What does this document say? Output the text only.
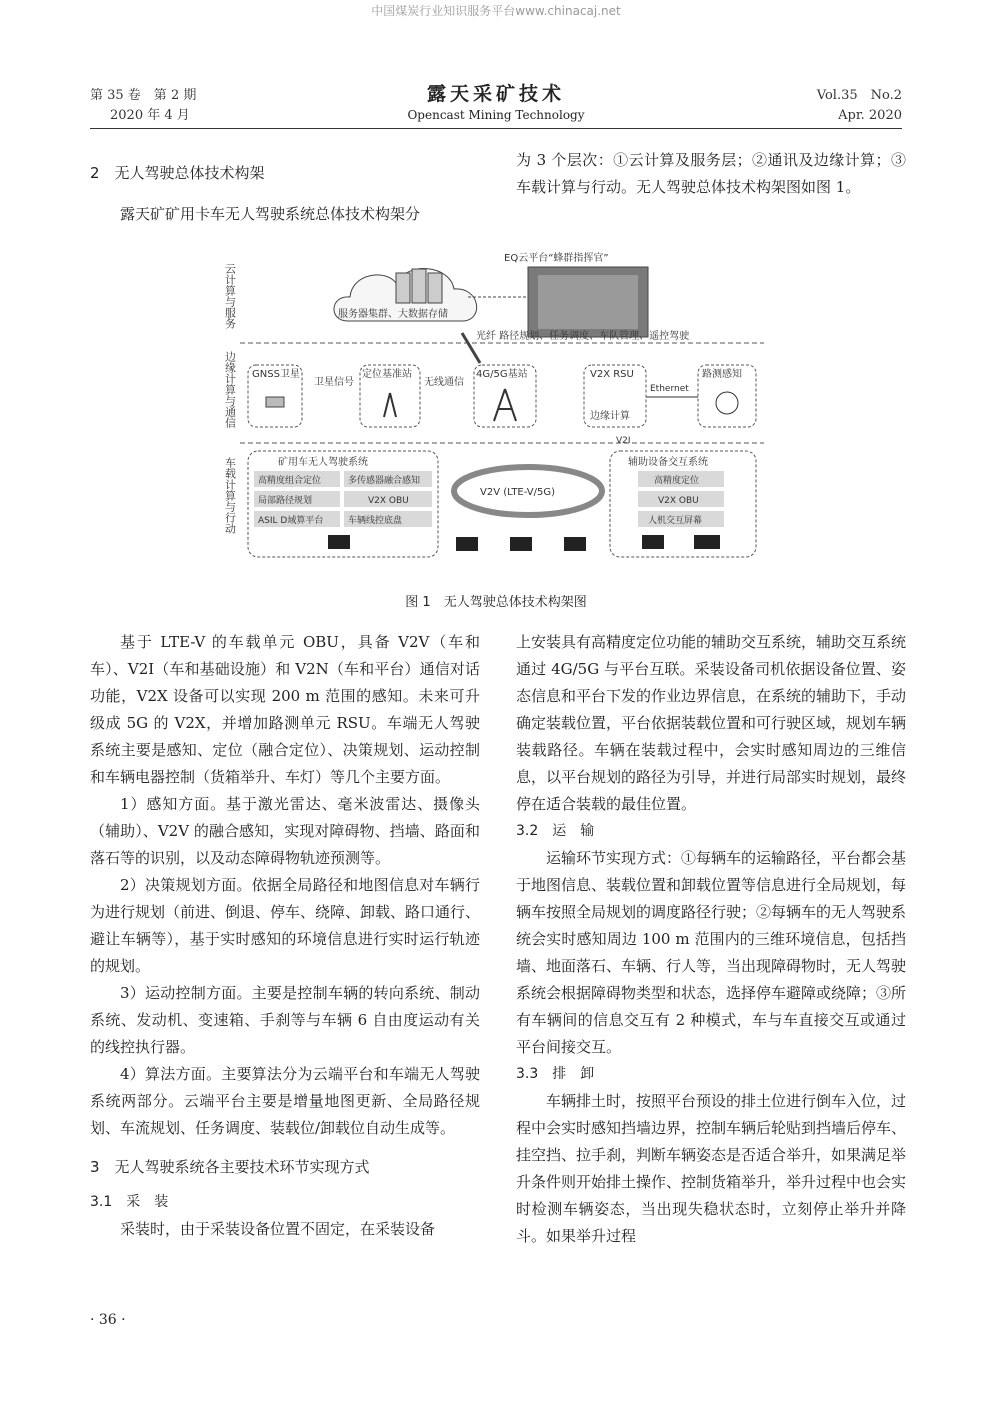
中国煤炭行业知识服务平台www.chinacaj.net
第 35 卷　第 2 期
2020 年 4 月
露天采矿技术
Opencast Mining Technology
Vol.35　No.2
Apr. 2020
2　无人驾驶总体技术构架

露天矿矿用卡车无人驾驶系统总体技术构架分

为 3 个层次：①云计算及服务层；②通讯及边缘计算；③车载计算与行动。无人驾驶总体技术构架图如图 1。

云计算与服务
边缘计算与通信
车载计算与行动
服务器集群、大数据存储
EQ云平台“蜂群指挥官”
光纤 路径规划、任务调度、车队管理、遥控驾驶
GNSS卫星
卫星信号
定位基准站
无线通信
4G/5G基站	V2X RSU
边缘计算
Ethernet
路测感知
V2I
矿用车无人驾驶系统
高精度组合定位	多传感器融合感知
局部路径规划	V2X OBU
ASIL D域算平台	车辆线控底盘
V2V (LTE-V/5G)
辅助设备交互系统
高精度定位
V2X OBU
人机交互屏幕
图 1　无人驾驶总体技术构架图

基于 LTE-V 的车载单元 OBU，具备 V2V（车和车）、V2I（车和基础设施）和 V2N（车和平台）通信对话功能，V2X 设备可以实现 200 m 范围的感知。未来可升级成 5G 的 V2X，并增加路测单元 RSU。车端无人驾驶系统主要是感知、定位（融合定位）、决策规划、运动控制和车辆电器控制（货箱举升、车灯）等几个主要方面。

1）感知方面。基于激光雷达、毫米波雷达、摄像头（辅助）、V2V 的融合感知，实现对障碍物、挡墙、路面和落石等的识别，以及动态障碍物轨迹预测等。

2）决策规划方面。依据全局路径和地图信息对车辆行为进行规划（前进、倒退、停车、绕障、卸载、路口通行、避让车辆等），基于实时感知的环境信息进行实时运行轨迹的规划。

3）运动控制方面。主要是控制车辆的转向系统、制动系统、发动机、变速箱、手刹等与车辆 6 自由度运动有关的线控执行器。

4）算法方面。主要算法分为云端平台和车端无人驾驶系统两部分。云端平台主要是增量地图更新、全局路径规划、车流规划、任务调度、装载位/卸载位自动生成等。

3　无人驾驶系统各主要技术环节实现方式
3.1　采　装

采装时，由于采装设备位置不固定，在采装设备

上安装具有高精度定位功能的辅助交互系统，辅助交互系统通过 4G/5G 与平台互联。采装设备司机依据设备位置、姿态信息和平台下发的作业边界信息，在系统的辅助下，手动确定装载位置，平台依据装载位置和可行驶区域，规划车辆装载路径。车辆在装载过程中，会实时感知周边的三维信息，以平台规划的路径为引导，并进行局部实时规划，最终停在适合装载的最佳位置。

3.2　运　输

运输环节实现方式：①每辆车的运输路径，平台都会基于地图信息、装载位置和卸载位置等信息进行全局规划，每辆车按照全局规划的调度路径行驶；②每辆车的无人驾驶系统会实时感知周边 100 m 范围内的三维环境信息，包括挡墙、地面落石、车辆、行人等，当出现障碍物时，无人驾驶系统会根据障碍物类型和状态，选择停车避障或绕障；③所有车辆间的信息交互有 2 种模式，车与车直接交互或通过平台间接交互。

3.3　排　卸

车辆排土时，按照平台预设的排土位进行倒车入位，过程中会实时感知挡墙边界，控制车辆后轮贴到挡墙后停车、挂空挡、拉手刹，判断车辆姿态是否适合举升，如果满足举升条件则开始排土操作、控制货箱举升，举升过程中也会实时检测车辆姿态，当出现失稳状态时，立刻停止举升并降斗。如果举升过程

· 36 ·
